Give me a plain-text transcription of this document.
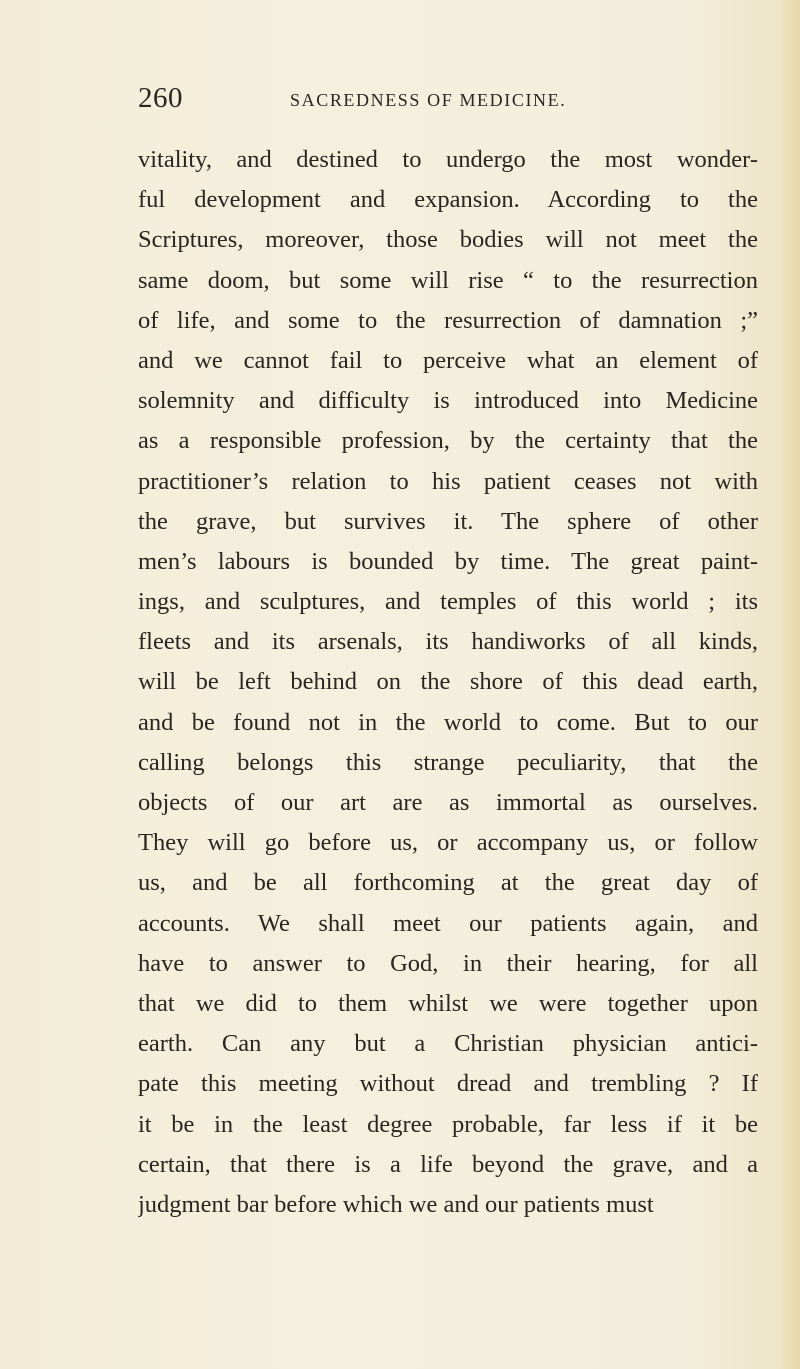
260	SACREDNESS OF MEDICINE.
vitality, and destined to undergo the most wonder-
ful development and expansion. According to the
Scriptures, moreover, those bodies will not meet the
same doom, but some will rise “ to the resurrection
of life, and some to the resurrection of damnation ;”
and we cannot fail to perceive what an element of
solemnity and difficulty is introduced into Medicine
as a responsible profession, by the certainty that the
practitioner’s relation to his patient ceases not with
the grave, but survives it. The sphere of other
men’s labours is bounded by time. The great paint-
ings, and sculptures, and temples of this world ; its
fleets and its arsenals, its handiworks of all kinds,
will be left behind on the shore of this dead earth,
and be found not in the world to come. But to our
calling belongs this strange peculiarity, that the
objects of our art are as immortal as ourselves.
They will go before us, or accompany us, or follow
us, and be all forthcoming at the great day of
accounts. We shall meet our patients again, and
have to answer to God, in their hearing, for all
that we did to them whilst we were together upon
earth. Can any but a Christian physician antici-
pate this meeting without dread and trembling ? If
it be in the least degree probable, far less if it be
certain, that there is a life beyond the grave, and a
judgment bar before which we and our patients must
